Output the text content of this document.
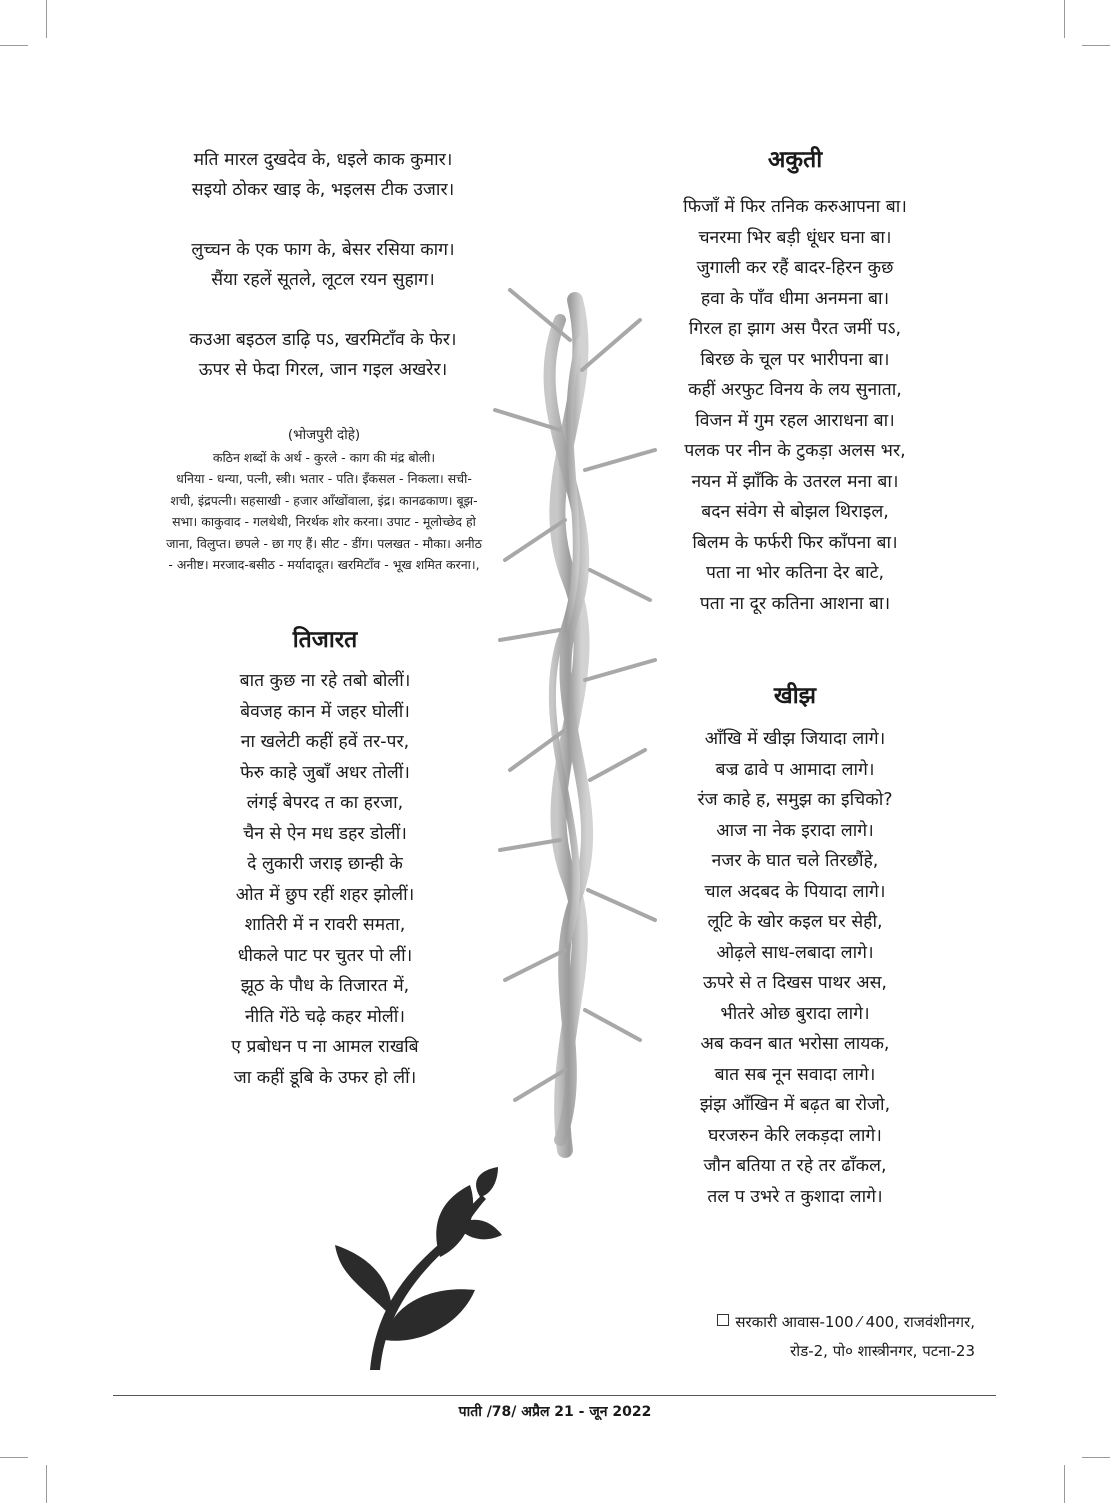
मति मारल दुखदेव के, धइले काक कुमार।

सइयो ठोकर खाइ के, भइलस टीक उजार।

लुच्चन के एक फाग के, बेसर रसिया काग।

सैंया रहलें सूतले, लूटल रयन सुहाग।

कउआ बइठल डाढ़ि पऽ, खरमिटाँव के फेर।

ऊपर से फेदा गिरल, जान गइल अखरेर।

(भोजपुरी दोहे)
कठिन शब्दों के अर्थ - कुरले - काग की मंद्र बोली।
धनिया - धन्या, पत्नी, स्त्री। भतार - पति। इँकसल - निकला। सची-
शची, इंद्रपत्नी। सहसाखी - हजार आँखोंवाला, इंद्र। कानढकाण। बूझ-
सभा। काकुवाद - गलथेथी, निरर्थक शोर करना। उपाट - मूलोच्छेद हो
जाना, विलुप्त। छपले - छा गए हैं। सीट - डींग। पलखत - मौका। अनीठ
- अनीष्ट। मरजाद-बसीठ - मर्यादादूत। खरमिटाँव - भूख शमित करना।,
तिजारत

बात कुछ ना रहे तबो बोलीं।

बेवजह कान में जहर घोलीं।

ना खलेटी कहीं हवें तर-पर,

फेरु काहे जुबाँ अधर तोलीं।

लंगई बेपरद त का हरजा,

चैन से ऐन मध डहर डोलीं।

दे लुकारी जराइ छान्ही के

ओत में छुप रहीं शहर झोलीं।

शातिरी में न रावरी समता,

धीकले पाट पर चुतर पो लीं।

झूठ के पौध के तिजारत में,

नीति गेंठे चढ़े कहर मोलीं।

ए प्रबोधन प ना आमल राखबि

जा कहीं डूबि के उफर हो लीं।

अकुती

फिजाँ में फिर तनिक करुआपना बा।

चनरमा भिर बड़ी धूंधर घना बा।

जुगाली कर रहैं बादर-हिरन कुछ

हवा के पाँव धीमा अनमना बा।

गिरल हा झाग अस पैरत जमीं पऽ,

बिरछ के चूल पर भारीपना बा।

कहीं अरफुट विनय के लय सुनाता,

विजन में गुम रहल आराधना बा।

पलक पर नीन के टुकड़ा अलस भर,

नयन में झाँकि के उतरल मना बा।

बदन संवेग से बोझल थिराइल,

बिलम के फर्फरी फिर काँपना बा।

पता ना भोर कतिना देर बाटे,

पता ना दूर कतिना आशना बा।

खीझ

आँखि में खीझ जियादा लागे।

बज्र ढावे प आमादा लागे।

रंज काहे ह, समुझ का इचिको?

आज ना नेक इरादा लागे।

नजर के घात चले तिरछौंहे,

चाल अदबद के पियादा लागे।

लूटि के खोर कइल घर सेही,

ओढ़ले साध-लबादा लागे।

ऊपरे से त दिखस पाथर अस,

भीतरे ओछ बुरादा लागे।

अब कवन बात भरोसा लायक,

बात सब नून सवादा लागे।

झंझ आँखिन में बढ़त बा रोजो,

घरजरुन केरि लकड़दा लागे।

जौन बतिया त रहे तर ढाँकल,

तल प उभरे त कुशादा लागे।

सरकारी आवास-100 ⁄ 400, राजवंशीनगर,
रोड-2, पो० शास्त्रीनगर, पटना-23
पाती /78/ अप्रैल 21 - जून 2022
